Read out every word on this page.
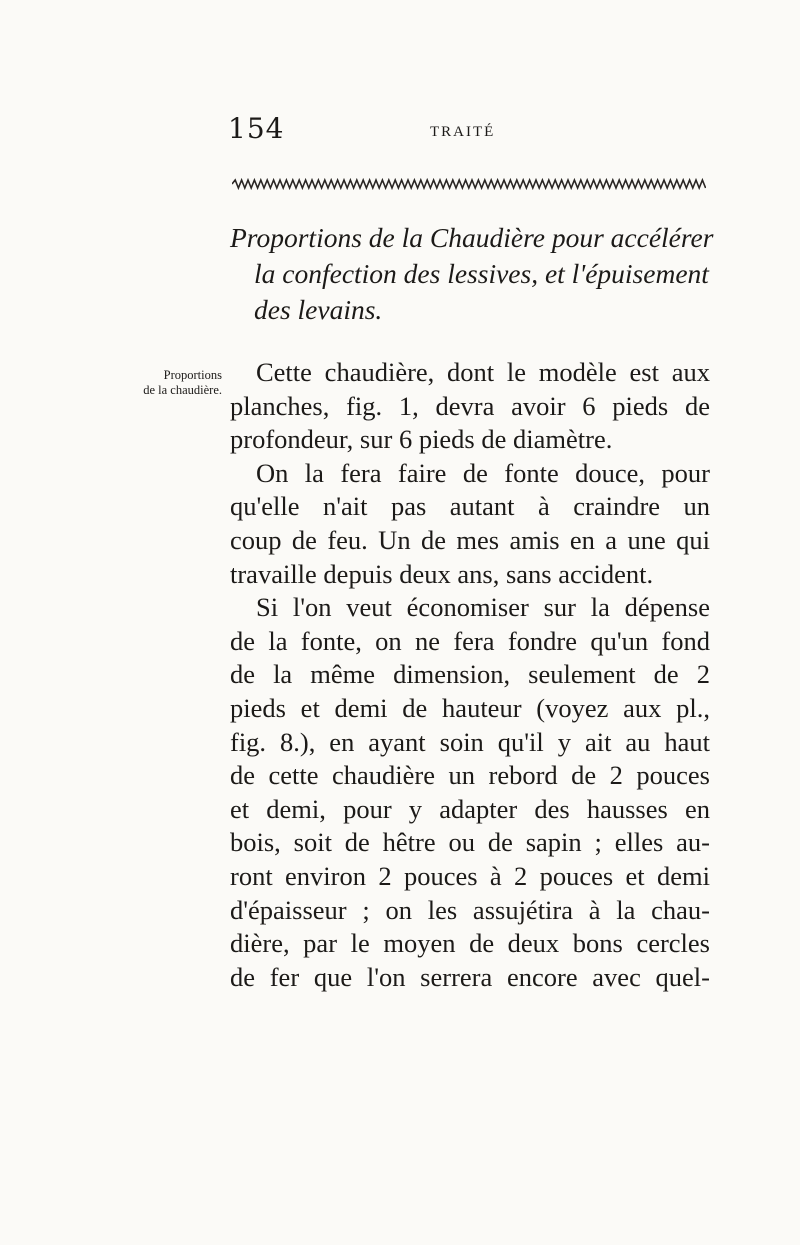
154	TRAITÉ
Proportions de la Chaudière pour accélérer
la confection des lessives, et l'épuisement
des levains.
Proportions
de la chaudière.
Cette chaudière, dont le modèle est aux
planches, fig. 1, devra avoir 6 pieds de
profondeur, sur 6 pieds de diamètre.
On la fera faire de fonte douce, pour
qu'elle n'ait pas autant à craindre un
coup de feu. Un de mes amis en a une qui
travaille depuis deux ans, sans accident.
Si l'on veut économiser sur la dépense
de la fonte, on ne fera fondre qu'un fond
de la même dimension, seulement de 2
pieds et demi de hauteur (voyez aux pl.,
fig. 8.), en ayant soin qu'il y ait au haut
de cette chaudière un rebord de 2 pouces
et demi, pour y adapter des hausses en
bois, soit de hêtre ou de sapin ; elles au-
ront environ 2 pouces à 2 pouces et demi
d'épaisseur ; on les assujétira à la chau-
dière, par le moyen de deux bons cercles
de fer que l'on serrera encore avec quel-
